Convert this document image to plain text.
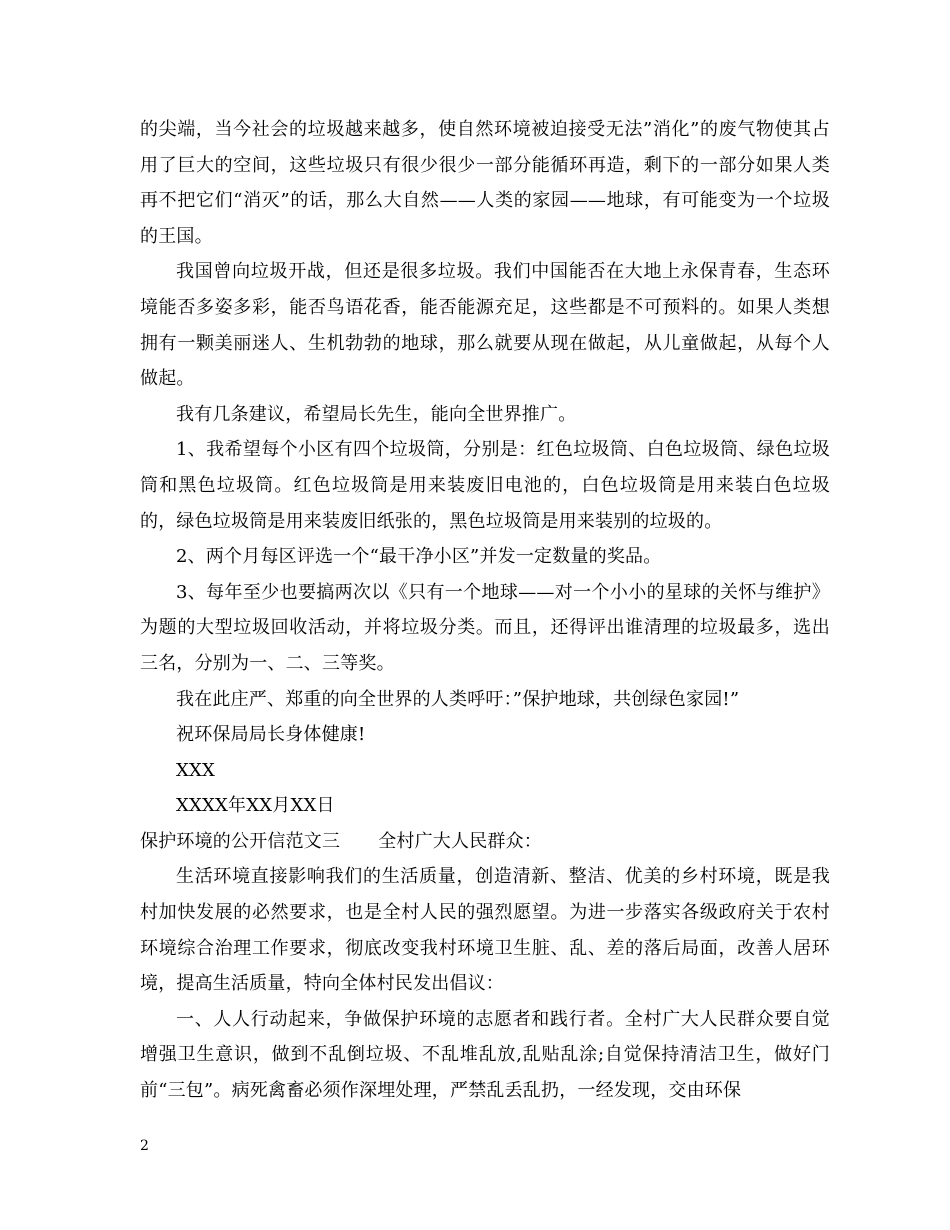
的尖端，当今社会的垃圾越来越多，使自然环境被迫接受无法”消化”的废气物使其占用了巨大的空间，这些垃圾只有很少很少一部分能循环再造，剩下的一部分如果人类再不把它们“消灭”的话，那么大自然——人类的家园——地球，有可能变为一个垃圾的王国。

我国曾向垃圾开战，但还是很多垃圾。我们中国能否在大地上永保青春，生态环境能否多姿多彩，能否鸟语花香，能否能源充足，这些都是不可预料的。如果人类想拥有一颗美丽迷人、生机勃勃的地球，那么就要从现在做起，从儿童做起，从每个人做起。

我有几条建议，希望局长先生，能向全世界推广。

1、我希望每个小区有四个垃圾筒，分别是：红色垃圾筒、白色垃圾筒、绿色垃圾筒和黑色垃圾筒。红色垃圾筒是用来装废旧电池的，白色垃圾筒是用来装白色垃圾的，绿色垃圾筒是用来装废旧纸张的，黑色垃圾筒是用来装别的垃圾的。

2、两个月每区评选一个“最干净小区”并发一定数量的奖品。

3、每年至少也要搞两次以《只有一个地球——对一个小小的星球的关怀与维护》为题的大型垃圾回收活动，并将垃圾分类。而且，还得评出谁清理的垃圾最多，选出三名，分别为一、二、三等奖。

我在此庄严、郑重的向全世界的人类呼吁：”保护地球，共创绿色家园!”

祝环保局局长身体健康!

XXX

XXXX年XX月XX日

保护环境的公开信范文三 全村广大人民群众：

生活环境直接影响我们的生活质量，创造清新、整洁、优美的乡村环境，既是我村加快发展的必然要求，也是全村人民的强烈愿望。为进一步落实各级政府关于农村环境综合治理工作要求，彻底改变我村环境卫生脏、乱、差的落后局面，改善人居环境，提高生活质量，特向全体村民发出倡议：

一、人人行动起来，争做保护环境的志愿者和践行者。全村广大人民群众要自觉增强卫生意识，做到不乱倒垃圾、不乱堆乱放,乱贴乱涂;自觉保持清洁卫生，做好门前“三包”。病死禽畜必须作深埋处理，严禁乱丢乱扔，一经发现，交由环保

2
